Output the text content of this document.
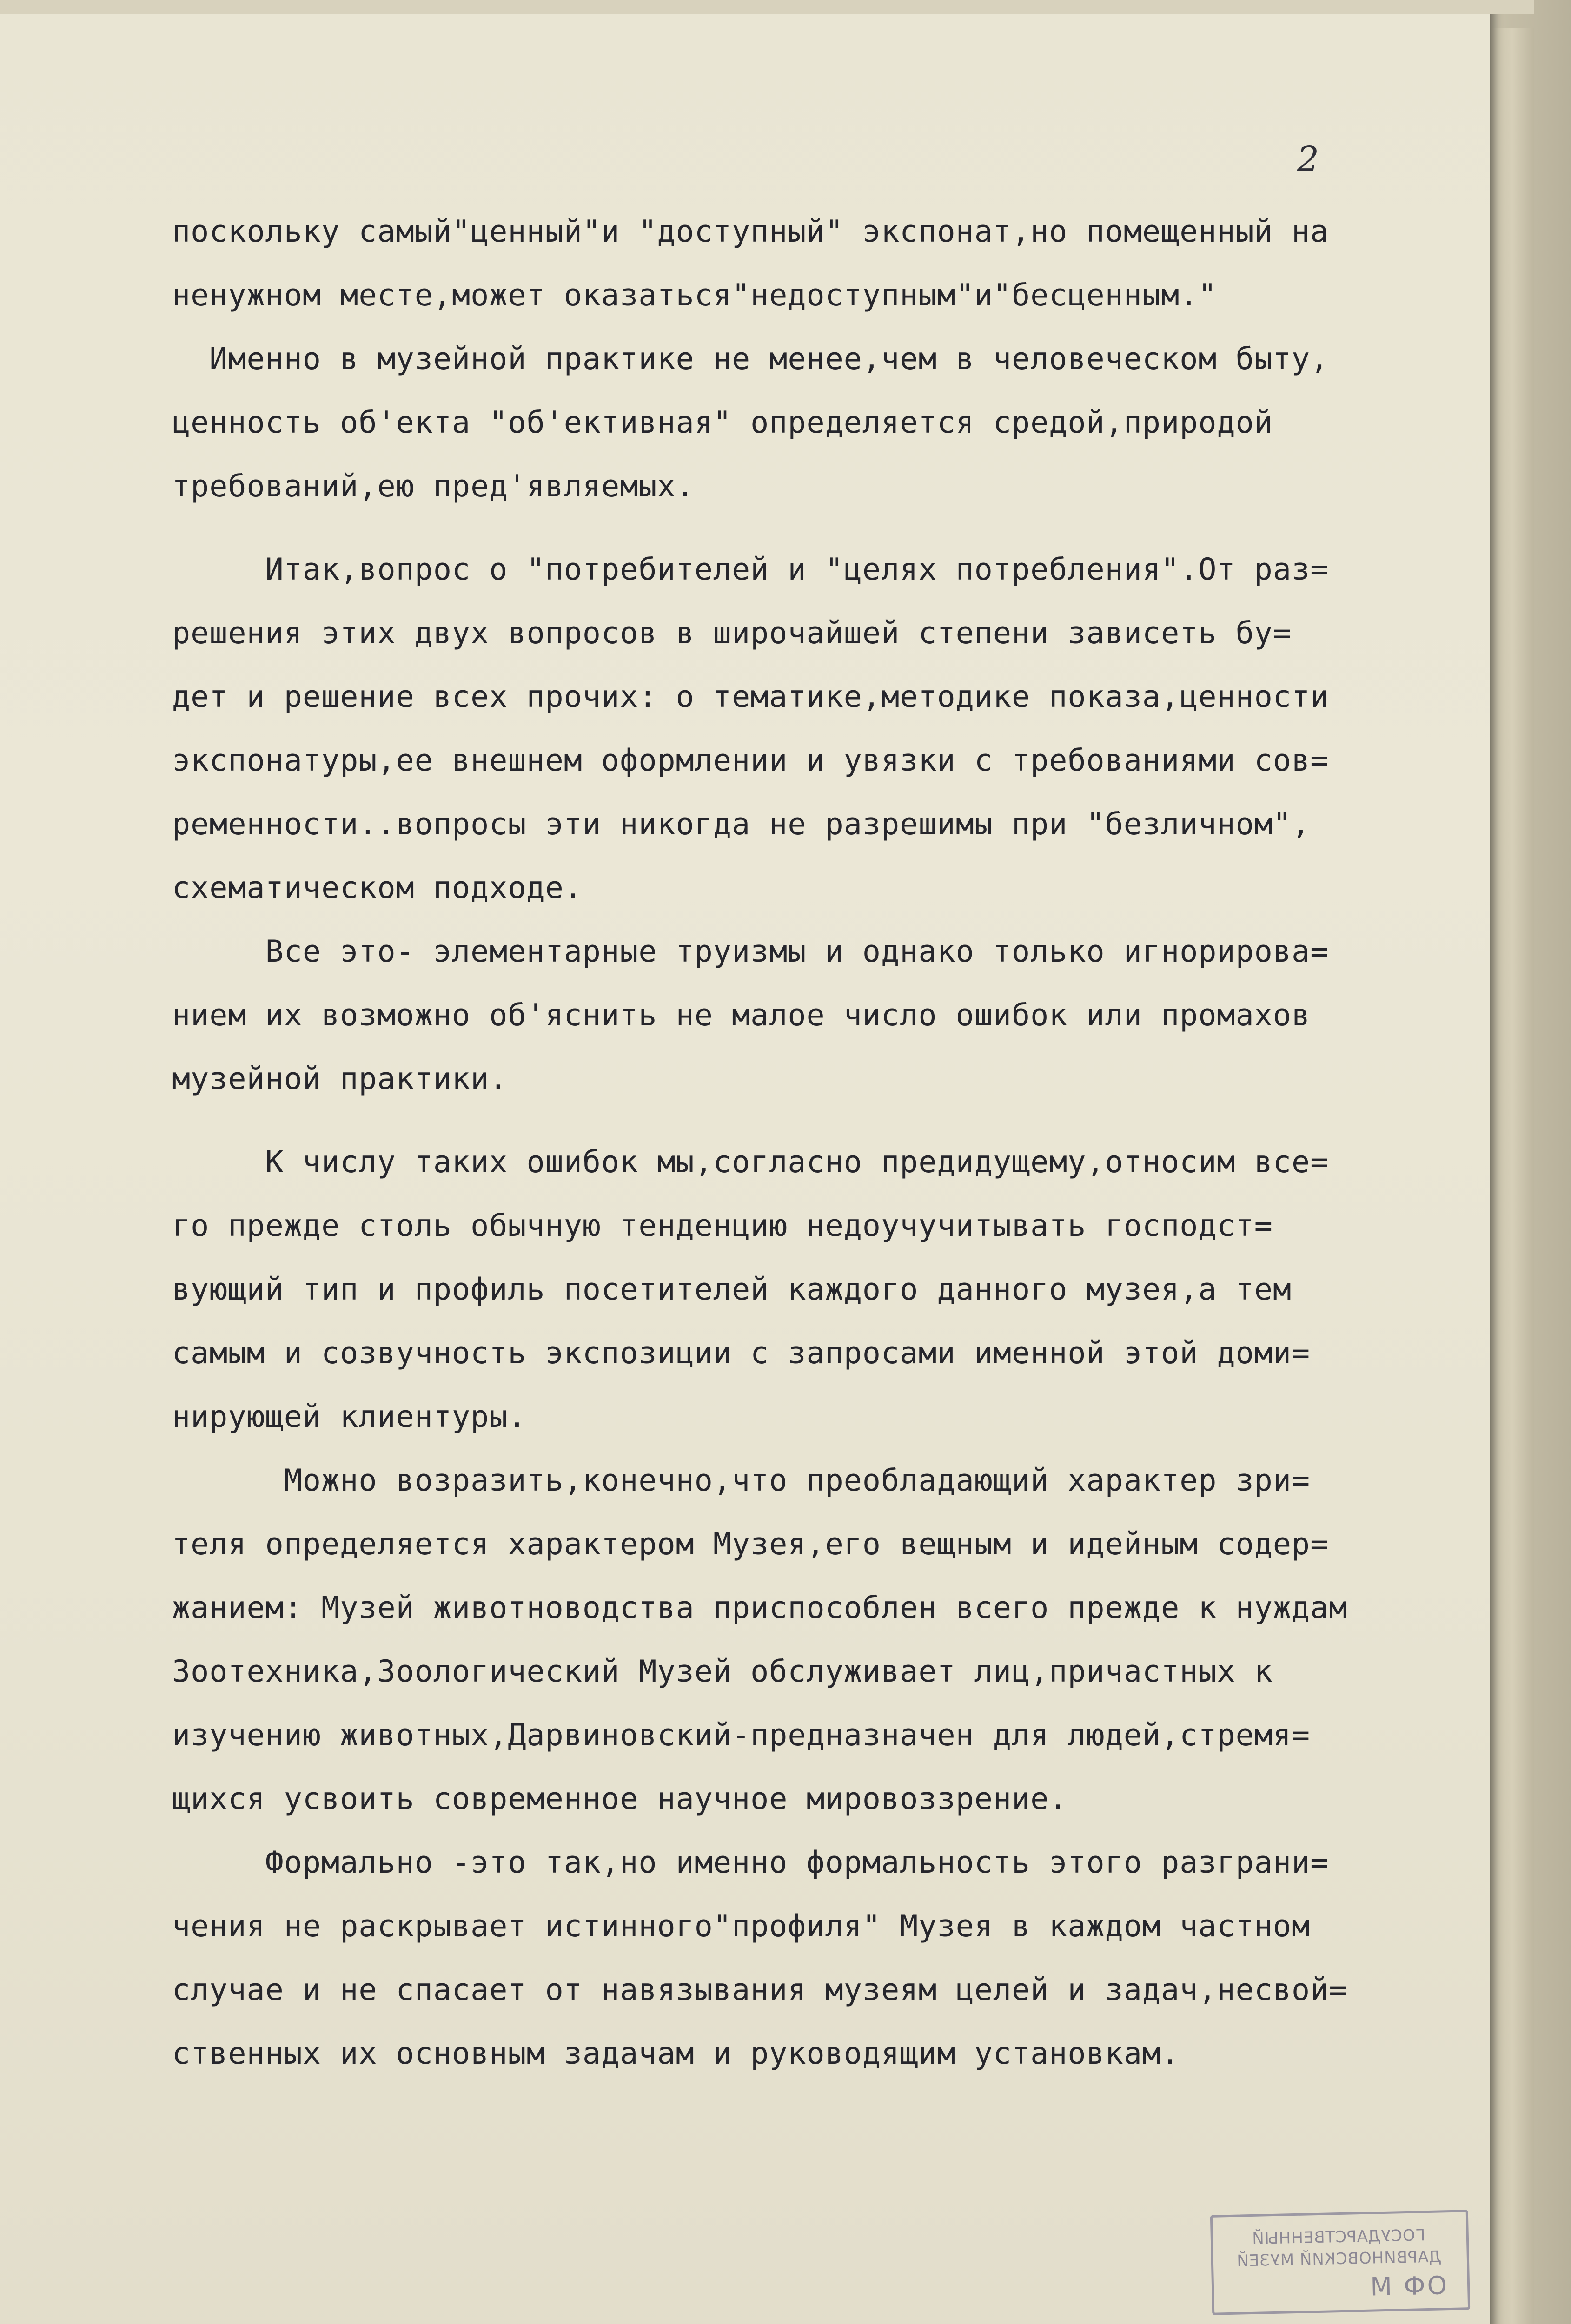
2
поскольку самый"ценный"и "доступный" экспонат,но помещенный на
ненужном месте,может оказаться"недоступным"и"бесценным."
Именно в музейной практике не менее,чем в человеческом быту,
ценность об'екта "об'ективная" определяется средой,природой
требований,ею пред'являемых.
Итак,вопрос о "потребителей и "целях потребления".От раз=
решения этих двух вопросов в широчайшей степени зависеть бу=
дет и решение всех прочих: о тематике,методике показа,ценности
экспонатуры,ее внешнем оформлении и увязки с требованиями сов=
ременности..вопросы эти никогда не разрешимы при "безличном",
схематическом подходе.
Все это- элементарные труизмы и однако только игнорирова=
нием их возможно об'яснить не малое число ошибок или промахов
музейной практики.
К числу таких ошибок мы,согласно предидущему,относим все=
го прежде столь обычную тенденцию недоучучитывать господст=
вующий тип и профиль посетителей каждого данного музея,а тем
самым и созвучность экспозиции с запросами именной этой доми=
нирующей клиентуры.
Можно возразить,конечно,что преобладающий характер зри=
теля определяется характером Музея,его вещным и идейным содер=
жанием: Музей животноводства приспособлен всего прежде к нуждам
Зоотехника,Зоологический Музей обслуживает лиц,причастных к
изучению животных,Дарвиновский-предназначен для людей,стремя=
щихся усвоить современное научное мировоззрение.
Формально -это так,но именно формальность этого разграни=
чения не раскрывает истинного"профиля" Музея в каждом частном
случае и не спасает от навязывания музеям целей и задач,несвой=
ственных их основным задачам и руководящим установкам.
ГОСУДАРСТВЕННЫЙ
ДАРВИНОВСКИЙ МУЗЕЙ
М ФО
